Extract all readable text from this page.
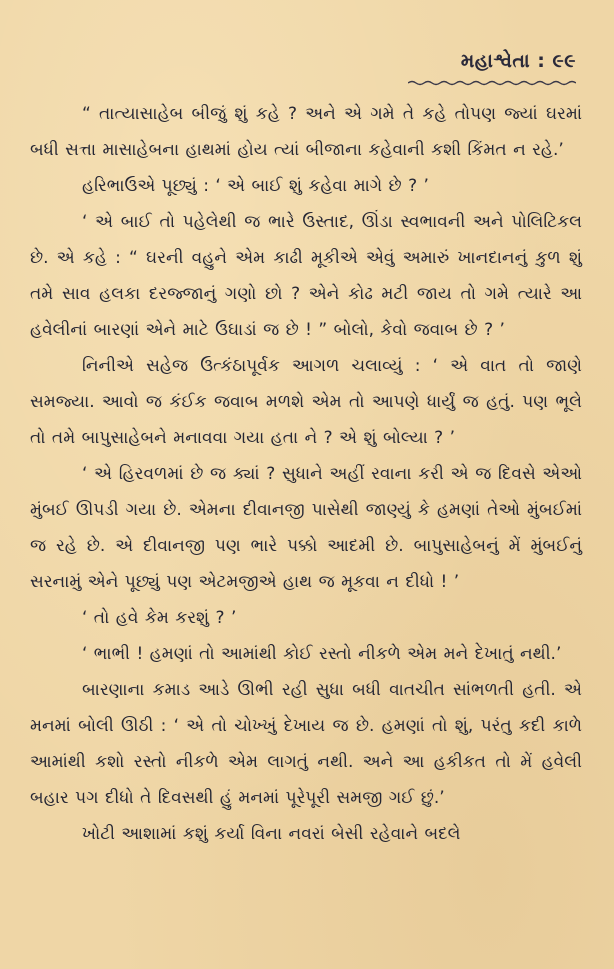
મહાશ્વેતા : ૯૯

“ તાત્યાસાહેબ બીજું શું કહે ? અને એ ગમે તે કહે તોપણ જ્યાં ઘરમાં બધી સત્તા માસાહેબના હાથમાં હોય ત્યાં બીજાના કહેવાની કશી કિંમત ન રહે.’

હરિભાઉએ પૂછ્યું : ‘ એ બાઈ શું કહેવા માગે છે ? ’

‘ એ બાઈ તો પહેલેથી જ ભારે ઉસ્તાદ, ઊંડા સ્વભાવની અને પોલિટિકલ છે. એ કહે : “ ઘરની વહુને એમ કાઢી મૂકીએ એવું અમારું ખાનદાનનું કુળ શું તમે સાવ હલકા દરજ્જાનું ગણો છો ? એને કોઢ મટી જાય તો ગમે ત્યારે આ હવેલીનાં બારણાં એને માટે ઉઘાડાં જ છે ! ” બોલો, કેવો જવાબ છે ? ’

નિનીએ સહેજ ઉત્કંઠાપૂર્વક આગળ ચલાવ્યું : ‘ એ વાત તો જાણે સમજ્યા. આવો જ કંઈક જવાબ મળશે એમ તો આપણે ધાર્યું જ હતું. પણ ભૂલે તો તમે બાપુસાહેબને મનાવવા ગયા હતા ને ? એ શું બોલ્યા ? ’

‘ એ હિરવળમાં છે જ ક્યાં ? સુધાને અહીં રવાના કરી એ જ દિવસે એઓ મુંબઈ ઊપડી ગયા છે. એમના દીવાનજી પાસેથી જાણ્યું કે હમણાં તેઓ મુંબઈમાં જ રહે છે. એ દીવાનજી પણ ભારે પક્કો આદમી છે. બાપુસાહેબનું મેં મુંબઈનું સરનામું એને પૂછ્યું પણ એટમજીએ હાથ જ મૂકવા ન દીધો ! ’

‘ તો હવે કેમ કરશું ? ’

‘ ભાભી ! હમણાં તો આમાંથી કોઈ રસ્તો નીકળે એમ મને દેખાતું નથી.’

બારણાના કમાડ આડે ઊભી રહી સુધા બધી વાતચીત સાંભળતી હતી. એ મનમાં બોલી ઊઠી : ‘ એ તો ચોખ્ખું દેખાય જ છે. હમણાં તો શું, પરંતુ કદી કાળે આમાંથી કશો રસ્તો નીકળે એમ લાગતું નથી. અને આ હકીકત તો મેં હવેલી બહાર પગ દીધો તે દિવસથી હું મનમાં પૂરેપૂરી સમજી ગઈ છું.’

ખોટી આશામાં કશું કર્યા વિના નવરાં બેસી રહેવાને બદલે
